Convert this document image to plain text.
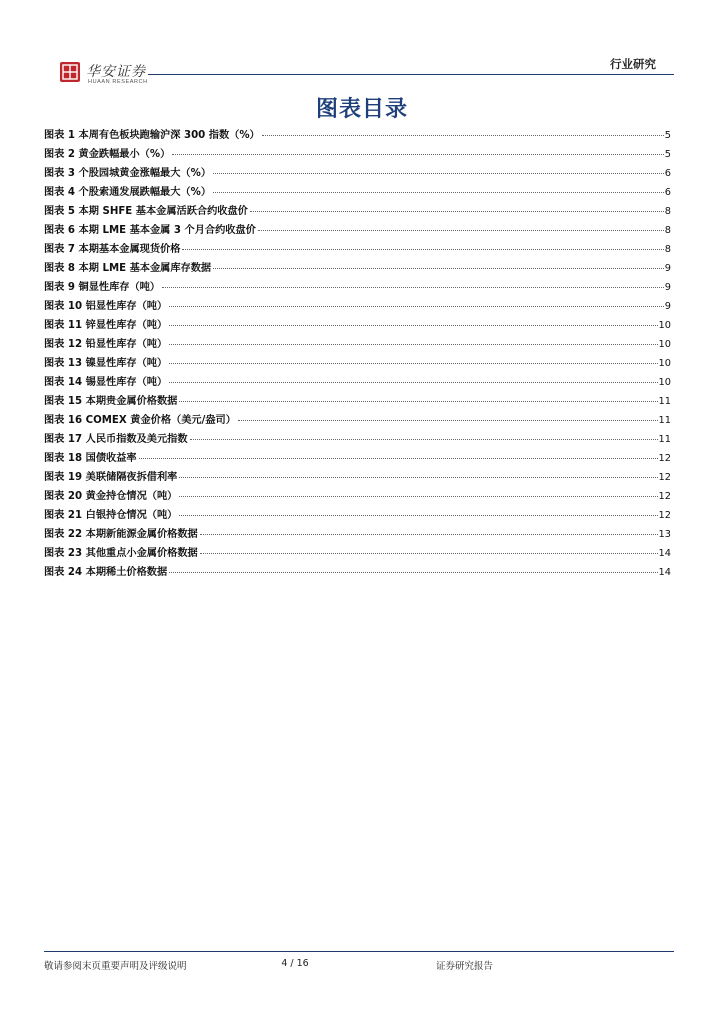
华安证券
HUAAN RESEARCH
行业研究
图表目录
图表 1 本周有色板块跑输沪深 300 指数（%）	5
图表 2 黄金跌幅最小（%）	5
图表 3 个股园城黄金涨幅最大（%）	6
图表 4 个股索通发展跌幅最大（%）	6
图表 5 本期 SHFE 基本金属活跃合约收盘价	8
图表 6 本期 LME 基本金属 3 个月合约收盘价	8
图表 7 本期基本金属现货价格	8
图表 8 本期 LME 基本金属库存数据	9
图表 9 铜显性库存（吨）	9
图表 10 铝显性库存（吨）	9
图表 11 锌显性库存（吨）	10
图表 12 铅显性库存（吨）	10
图表 13 镍显性库存（吨）	10
图表 14 锡显性库存（吨）	10
图表 15 本期贵金属价格数据	11
图表 16 COMEX 黄金价格（美元/盎司）	11
图表 17 人民币指数及美元指数	11
图表 18 国债收益率	12
图表 19 美联储隔夜拆借利率	12
图表 20 黄金持仓情况（吨）	12
图表 21 白银持仓情况（吨）	12
图表 22 本期新能源金属价格数据	13
图表 23 其他重点小金属价格数据	14
图表 24 本期稀土价格数据	14
敬请参阅末页重要声明及评级说明	4 / 16	证券研究报告
